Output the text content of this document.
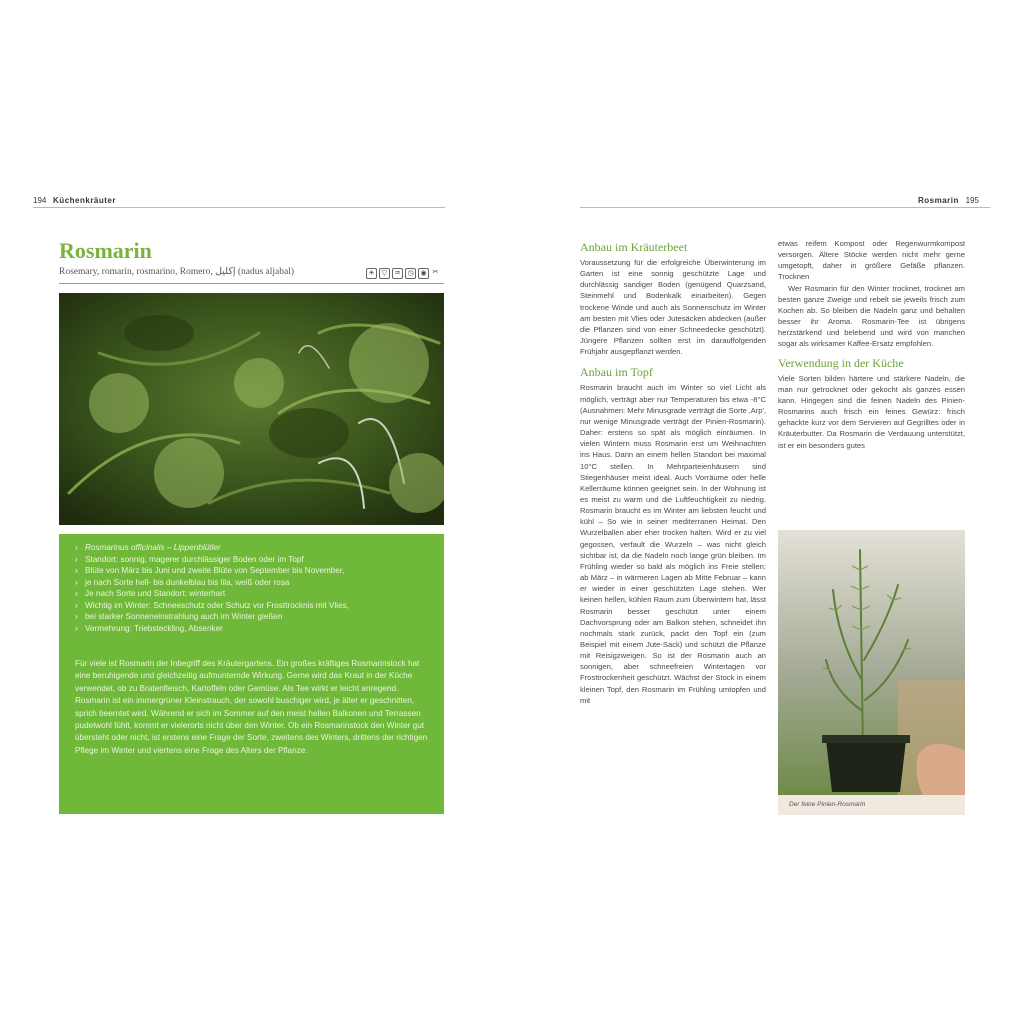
194 Küchenkräuter	Rosmarin 195
Rosmarin
Rosemary, romarin, rosmarino, Romero, إكليل (nadus aljabal)	☀	▽	♒ ◷ ◉ ✂
› Rosmarinus officinalis – Lippenblütler
› Standort: sonnig, magerer durchlässiger Boden oder im Topf
› Blüte von März bis Juni und zweite Blüte von September bis November,
› je nach Sorte hell- bis dunkelblau bis lila, weiß oder rosa
› Je nach Sorte und Standort: winterhart
› Wichtig im Winter: Schneeschutz oder Schutz vor Frosttrocknis mit Vlies,
› bei starker Sonneneinstrahlung auch im Winter gießen
› Vermehrung: Triebsteckling, Absenker

Für viele ist Rosmarin der Inbegriff des Kräutergartens. Ein großes kräftiges Rosmarinstock hat eine beruhigende und gleichzeitig aufmunternde Wirkung. Gerne wird das Kraut in der Küche verwendet, ob zu Bratenfleisch, Kartoffeln oder Gemüse. Als Tee wirkt er leicht anregend. Rosmarin ist ein immergrüner Kleinstrauch, der sowohl buschiger wird, je älter er geschnitten, sprich beerntet wird. Während er sich im Sommer auf den meist hellen Balkonen und Terrassen pudelwohl fühlt, kommt er vielerorts nicht über den Winter. Ob ein Rosmarinstock den Winter gut übersteht oder nicht, ist erstens eine Frage der Sorte, zweitens des Winters, drittens der richtigen Pflege im Winter und viertens eine Frage des Alters der Pflanze.

Anbau im Kräuterbeet

Voraussetzung für die erfolgreiche Überwinterung im Garten ist eine sonnig geschützte Lage und durchlässig sandiger Boden (genügend Quarzsand, Steinmehl und Bodenkalk einarbeiten). Gegen trockene Winde und auch als Sonnenschutz im Winter am besten mit Vlies oder Jutesäcken abdecken (außer die Pflanzen sind von einer Schneedecke geschützt). Jüngere Pflanzen sollten erst im darauffolgenden Frühjahr ausgepflanzt werden.

Anbau im Topf

Rosmarin braucht auch im Winter so viel Licht als möglich, verträgt aber nur Temperaturen bis etwa -8°C (Ausnahmen: Mehr Minusgrade verträgt die Sorte ‚Arp', nur wenige Minusgrade verträgt der Pinien-Rosmarin). Daher: erstens so spät als möglich einräumen. In vielen Wintern muss Rosmarin erst um Weihnachten ins Haus. Dann an einem hellen Standort bei maximal 10°C stellen. In Mehrparteienhäusern sind Stiegenhäuser meist ideal. Auch Vorräume oder helle Kellerräume können geeignet sein. In der Wohnung ist es meist zu warm und die Luftfeuchtigkeit zu niedrig. Rosmarin braucht es im Winter am liebsten feucht und kühl – So wie in seiner mediterranen Heimat. Den Wurzelballen aber eher trocken halten. Wird er zu viel gegossen, verfault die Wurzeln – was nicht gleich sichtbar ist, da die Nadeln noch lange grün bleiben. Im Frühling wieder so bald als möglich ins Freie stellen: ab März – in wärmeren Lagen ab Mitte Februar – kann er wieder in einer geschützten Lage stehen. Wer keinen hellen, kühlen Raum zum Überwintern hat, lässt Rosmarin besser geschützt unter einem Dachvorsprung oder am Balkon stehen, schneidet ihn nochmals stark zurück, packt den Topf ein (zum Beispiel mit einem Jute-Sack) und schützt die Pflanze mit Reisigzweigen. So ist der Rosmarin auch an sonnigen, aber schneefreien Wintertagen vor Frosttrockenheit geschützt. Wächst der Stock in einem kleinen Topf, den Rosmarin im Frühling umtopfen und mit

etwas reifem Kompost oder Regenwurmkompost versorgen. Ältere Stöcke werden nicht mehr gerne umgetopft, daher in größere Gefäße pflanzen. Trocknen

Wer Rosmarin für den Winter trocknet, trocknet am besten ganze Zweige und rebelt sie jeweils frisch zum Kochen ab. So bleiben die Nadeln ganz und behalten besser ihr Aroma. Rosmarin-Tee ist übrigens herzstärkend und belebend und wird von manchen sogar als wirksamer Kaffee-Ersatz empfohlen.

Verwendung in der Küche

Viele Sorten bilden härtere und stärkere Nadeln, die man nur getrocknet oder gekocht als ganzes essen kann. Hingegen sind die feinen Nadeln des Pinien-Rosmarins auch frisch ein feines Gewürz: frisch gehackte kurz vor dem Servieren auf Gegrilltes oder in Kräuterbutter. Da Rosmarin die Verdauung unterstützt, ist er ein besonders gutes

Der feine Pinien-Rosmarin
